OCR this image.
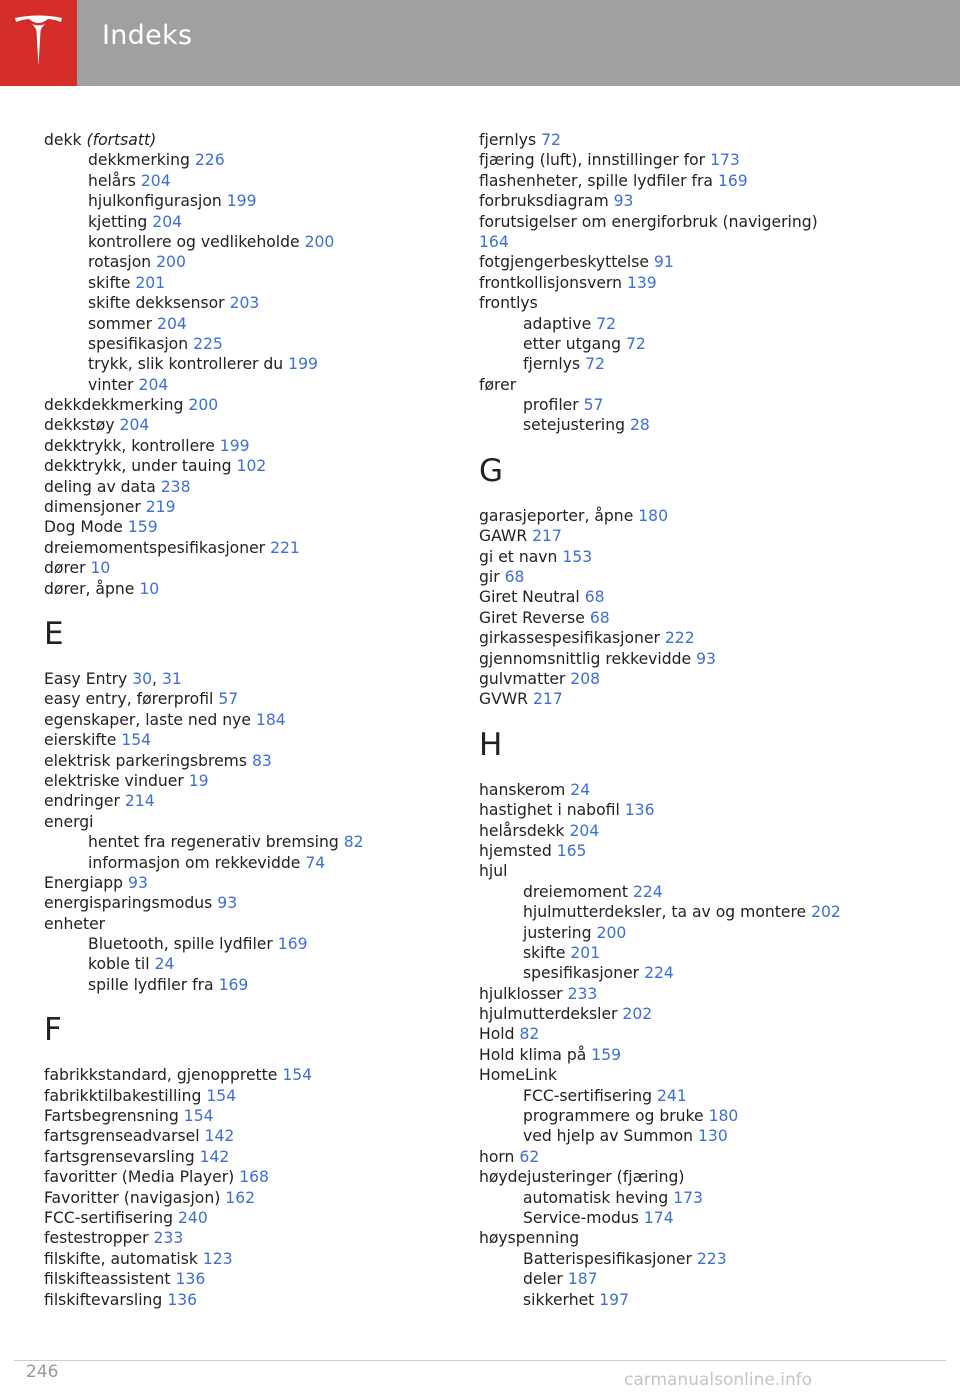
Indeks
dekk (fortsatt)
dekkmerking 226
helårs 204
hjulkonfigurasjon 199
kjetting 204
kontrollere og vedlikeholde 200
rotasjon 200
skifte 201
skifte dekksensor 203
sommer 204
spesifikasjon 225
trykk, slik kontrollerer du 199
vinter 204
dekkdekkmerking 200
dekkstøy 204
dekktrykk, kontrollere 199
dekktrykk, under tauing 102
deling av data 238
dimensjoner 219
Dog Mode 159
dreiemomentspesifikasjoner 221
dører 10
dører, åpne 10
E
Easy Entry 30, 31
easy entry, førerprofil 57
egenskaper, laste ned nye 184
eierskifte 154
elektrisk parkeringsbrems 83
elektriske vinduer 19
endringer 214
energi
hentet fra regenerativ bremsing 82
informasjon om rekkevidde 74
Energiapp 93
energisparingsmodus 93
enheter
Bluetooth, spille lydfiler 169
koble til 24
spille lydfiler fra 169
F
fabrikkstandard, gjenopprette 154
fabrikktilbakestilling 154
Fartsbegrensning 154
fartsgrenseadvarsel 142
fartsgrensevarsling 142
favoritter (Media Player) 168
Favoritter (navigasjon) 162
FCC-sertifisering 240
festestropper 233
filskifte, automatisk 123
filskifteassistent 136
filskiftevarsling 136
fjernlys 72
fjæring (luft), innstillinger for 173
flashenheter, spille lydfiler fra 169
forbruksdiagram 93
forutsigelser om energiforbruk (navigering)
164
fotgjengerbeskyttelse 91
frontkollisjonsvern 139
frontlys
adaptive 72
etter utgang 72
fjernlys 72
fører
profiler 57
setejustering 28
G
garasjeporter, åpne 180
GAWR 217
gi et navn 153
gir 68
Giret Neutral 68
Giret Reverse 68
girkassespesifikasjoner 222
gjennomsnittlig rekkevidde 93
gulvmatter 208
GVWR 217
H
hanskerom 24
hastighet i nabofil 136
helårsdekk 204
hjemsted 165
hjul
dreiemoment 224
hjulmutterdeksler, ta av og montere 202
justering 200
skifte 201
spesifikasjoner 224
hjulklosser 233
hjulmutterdeksler 202
Hold 82
Hold klima på 159
HomeLink
FCC-sertifisering 241
programmere og bruke 180
ved hjelp av Summon 130
horn 62
høydejusteringer (fjæring)
automatisk heving 173
Service-modus 174
høyspenning
Batterispesifikasjoner 223
deler 187
sikkerhet 197
246	carmanualsonline.info
